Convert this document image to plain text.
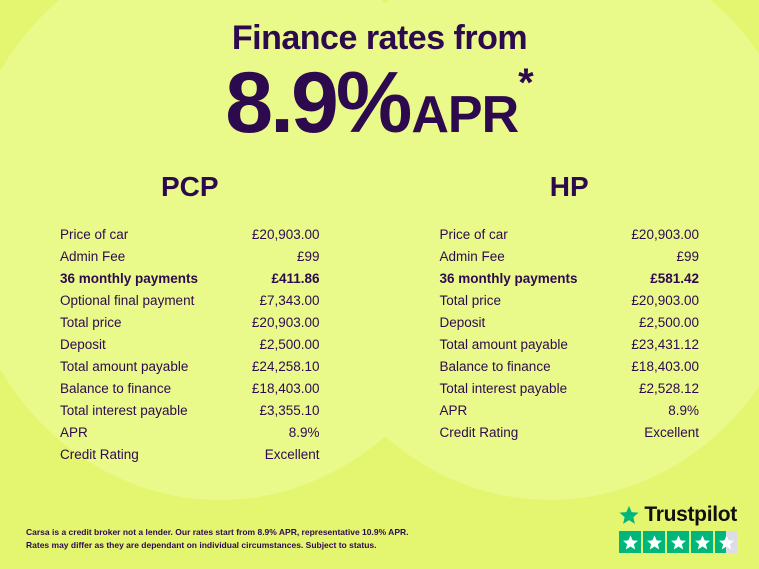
Finance rates from
8.9%APR*
PCP
Price of car	£20,903.00
Admin Fee	£99
36 monthly payments	£411.86
Optional final payment	£7,343.00
Total price	£20,903.00
Deposit	£2,500.00
Total amount payable	£24,258.10
Balance to finance	£18,403.00
Total interest payable	£3,355.10
APR	8.9%
Credit Rating	Excellent
HP
Price of car	£20,903.00
Admin Fee	£99
36 monthly payments	£581.42
Total price	£20,903.00
Deposit	£2,500.00
Total amount payable	£23,431.12
Balance to finance	£18,403.00
Total interest payable	£2,528.12
APR	8.9%
Credit Rating	Excellent
Carsa is a credit broker not a lender. Our rates start from 8.9% APR, representative 10.9% APR.
Rates may differ as they are dependant on individual circumstances. Subject to status.
Trustpilot
